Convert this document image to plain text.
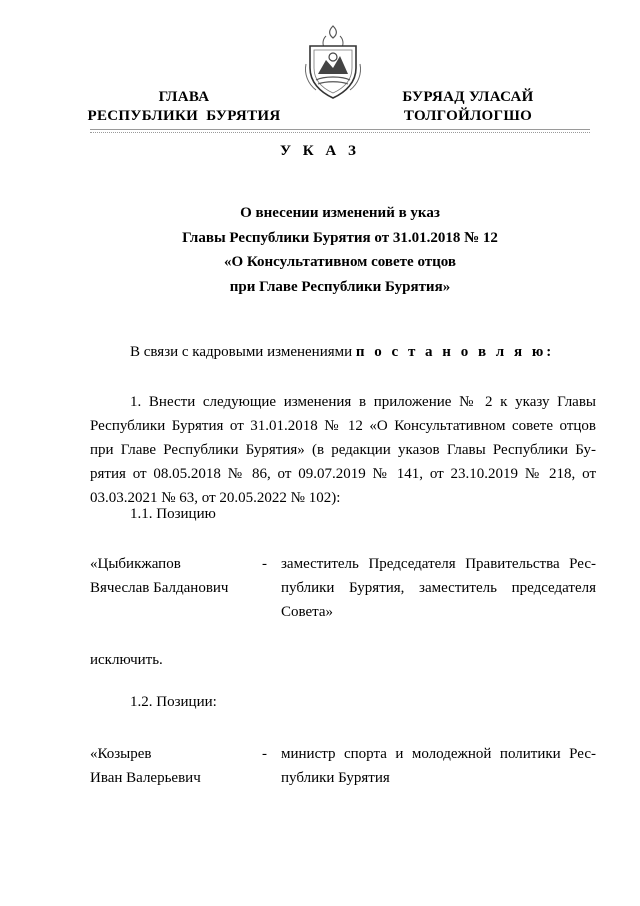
ГЛАВА
РЕСПУБЛИКИ  БУРЯТИЯ
БУРЯАД УЛАСАЙ
ТОЛГОЙЛОГШО
У К А З
О внесении изменений в указ
Главы Республики Бурятия от 31.01.2018 № 12
«О Консультативном совете отцов
при Главе Республики Бурятия»
В связи с кадровыми изменениями п о с т а н о в л я ю:
1. Внести следующие изменения в приложение № 2 к указу Главы
Республики Бурятия от 31.01.2018 № 12 «О Консультативном совете отцов
при Главе Республики Бурятия» (в редакции указов Главы Республики Бу-
рятия от 08.05.2018 № 86, от 09.07.2019 № 141, от 23.10.2019 № 218, от
03.03.2021 № 63, от 20.05.2022 № 102):
1.1. Позицию
«Цыбикжапов
Вячеслав Балданович
- заместитель Председателя Правительства Рес-
публики Бурятия, заместитель председателя
Совета»
исключить.
1.2. Позиции:
«Козырев
Иван Валерьевич
- министр спорта и молодежной политики Рес-
публики Бурятия
